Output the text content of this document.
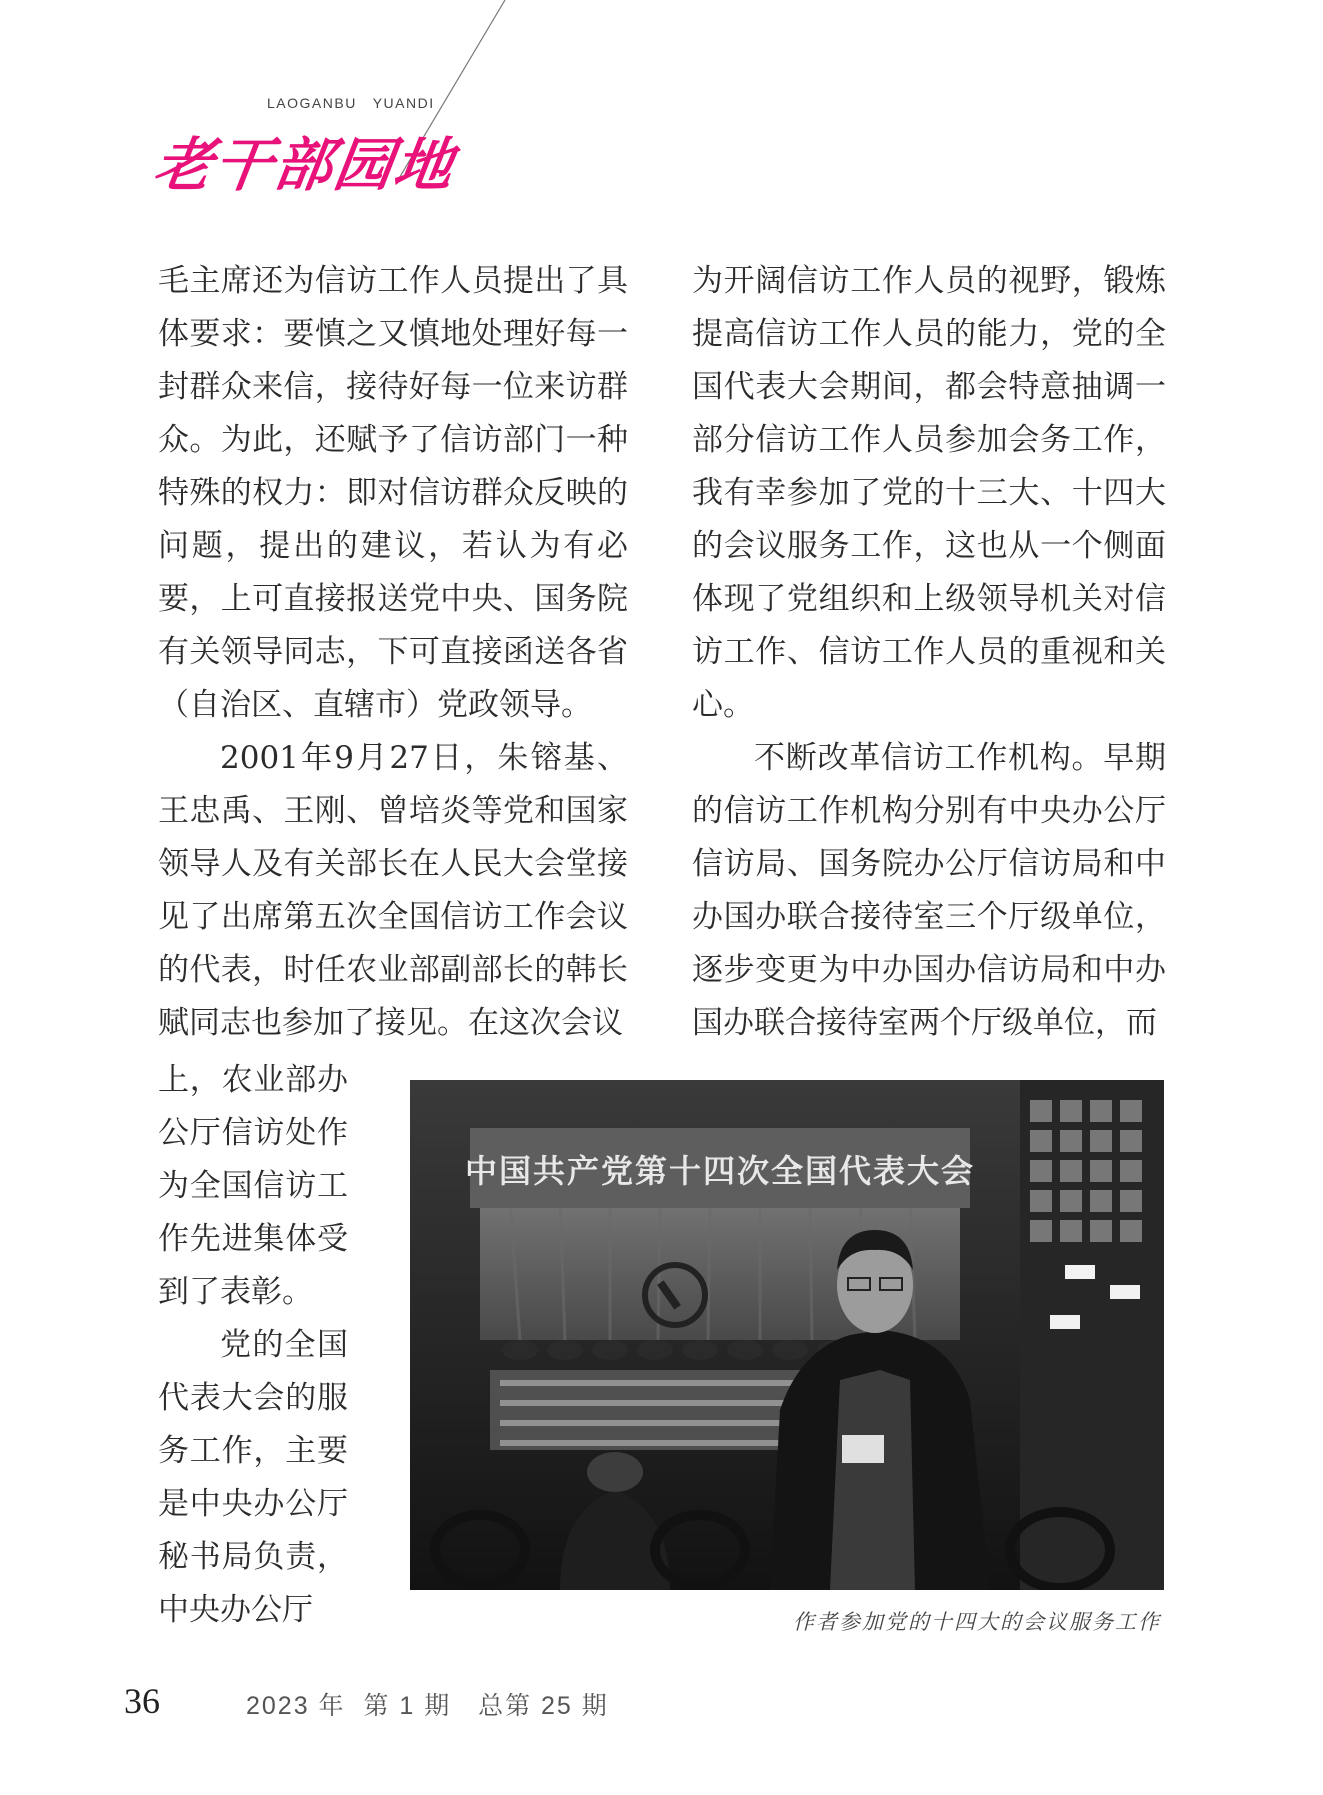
LAOGANBU   YUANDI
老干部园地

毛主席还为信访工作人员提出了具体要求：要慎之又慎地处理好每一封群众来信，接待好每一位来访群众。为此，还赋予了信访部门一种特殊的权力：即对信访群众反映的问题，提出的建议，若认为有必要，上可直接报送党中央、国务院有关领导同志，下可直接函送各省（自治区、直辖市）党政领导。

2001年9月27日，朱镕基、王忠禹、王刚、曾培炎等党和国家领导人及有关部长在人民大会堂接见了出席第五次全国信访工作会议的代表，时任农业部副部长的韩长赋同志也参加了接见。在这次会议

上，农业部办公厅信访处作为全国信访工作先进集体受到了表彰。

党的全国代表大会的服务工作，主要是中央办公厅秘书局负责，中央办公厅

为开阔信访工作人员的视野，锻炼提高信访工作人员的能力，党的全国代表大会期间，都会特意抽调一部分信访工作人员参加会务工作，我有幸参加了党的十三大、十四大的会议服务工作，这也从一个侧面体现了党组织和上级领导机关对信访工作、信访工作人员的重视和关心。

不断改革信访工作机构。早期的信访工作机构分别有中央办公厅信访局、国务院办公厅信访局和中办国办联合接待室三个厅级单位，逐步变更为中办国办信访局和中办国办联合接待室两个厅级单位，而

中国共产党第十四次全国代表大会
作者参加党的十四大的会议服务工作
36	2023 年  第 1 期   总第 25 期
